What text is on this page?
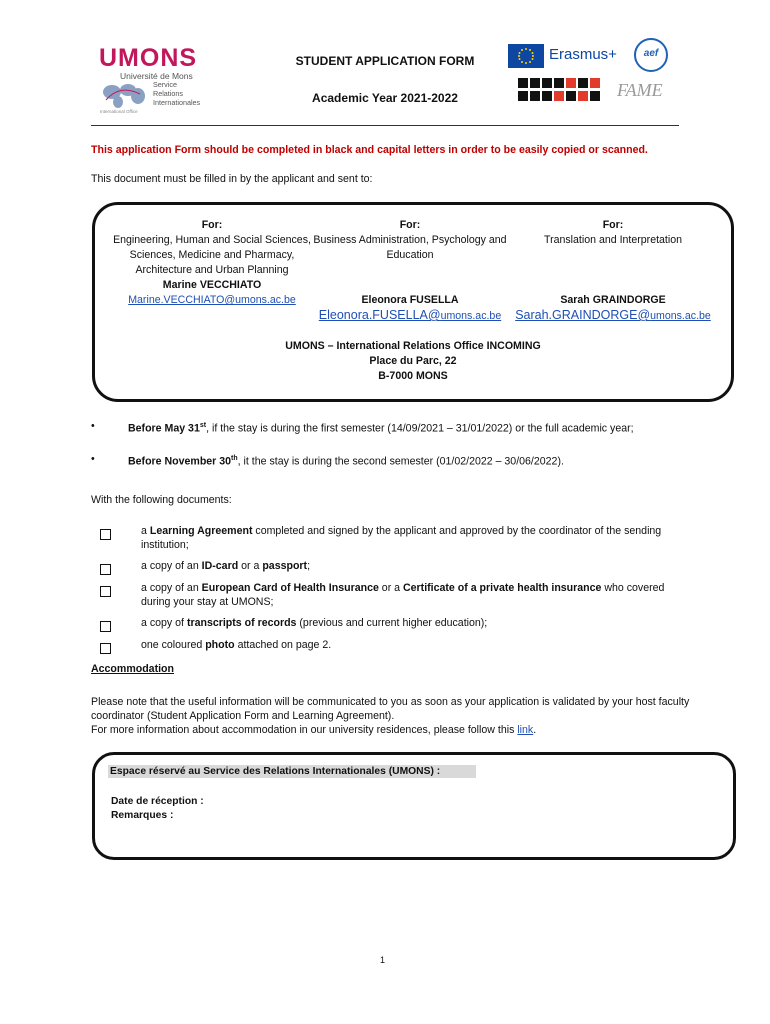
UMONS
Université de Mons
Service
Relations
Internationales
International Office
STUDENT APPLICATION FORM
Academic Year 2021-2022
Erasmus+	aef
FAME
This application Form should be completed in black and capital letters in order to be easily copied or scanned.
This document must be filled in by the applicant and sent to:
For:
Engineering, Human and Social Sciences, Sciences, Medicine and Pharmacy, Architecture and Urban Planning
Marine VECCHIATO
Marine.VECCHIATO@umons.ac.be
For:
Business Administration, Psychology and Education
Eleonora FUSELLA
Eleonora.FUSELLA@umons.ac.be
For:
Translation and Interpretation
Sarah GRAINDORGE
Sarah.GRAINDORGE@umons.ac.be
UMONS – International Relations Office INCOMING
Place du Parc, 22
B-7000 MONS
•	Before May 31st, if the stay is during the first semester (14/09/2021 – 31/01/2022) or the full academic year;
•	Before November 30th, it the stay is during the second semester (01/02/2022 – 30/06/2022).
With the following documents:
a Learning Agreement completed and signed by the applicant and approved by the coordinator of the sending institution;
a copy of an ID-card or a passport;
a copy of an European Card of Health Insurance or a Certificate of a private health insurance who covered during your stay at UMONS;
a copy of transcripts of records (previous and current higher education);
one coloured photo attached on page 2.
Accommodation
Please note that the useful information will be communicated to you as soon as your application is validated by your host faculty coordinator (Student Application Form and Learning Agreement).
For more information about accommodation in our university residences, please follow this link.
Espace réservé au Service des Relations Internationales (UMONS) :
Date de réception :
Remarques :
1
